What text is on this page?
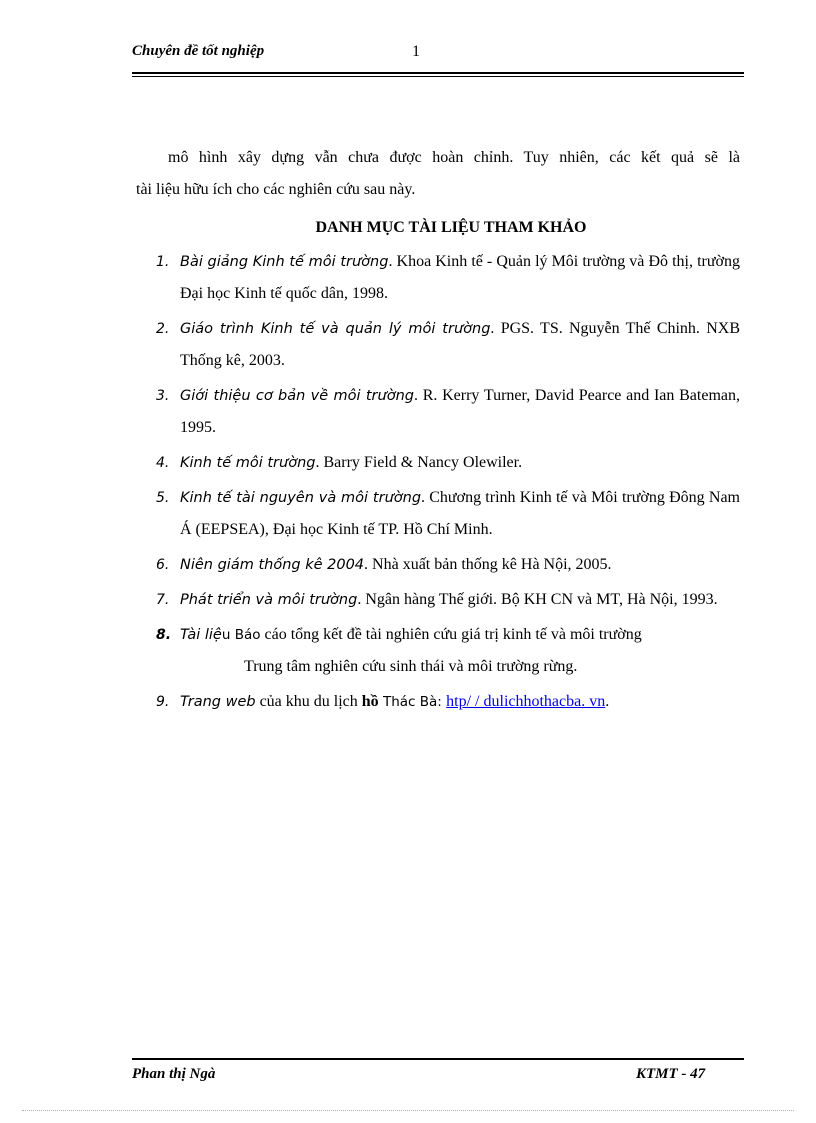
Chuyên đề tốt nghiệp	1

mô hình xây dựng vẫn chưa được hoàn chỉnh. Tuy nhiên, các kết quả sẽ là
tài liệu hữu ích cho các nghiên cứu sau này.

DANH MỤC TÀI LIỆU THAM KHẢO
1. Bài giảng Kinh tế môi trường. Khoa Kinh tế - Quản lý Môi trường và Đô thị, trường Đại học Kinh tế quốc dân, 1998.
2. Giáo trình Kinh tế và quản lý môi trường. PGS. TS. Nguyễn Thế Chinh. NXB Thống kê, 2003.
3. Giới thiệu cơ bản về môi trường. R. Kerry Turner, David Pearce and Ian Bateman, 1995.
4. Kinh tế môi trường. Barry Field & Nancy Olewiler.
5. Kinh tế tài nguyên và môi trường. Chương trình Kinh tế và Môi trường Đông Nam Á (EEPSEA), Đại học Kinh tế TP. Hồ Chí Minh.
6. Niên giám thống kê 2004. Nhà xuất bản thống kê Hà Nội, 2005.
7. Phát triển và môi trường. Ngân hàng Thế giới. Bộ KH CN và MT, Hà Nội, 1993.
8. Tài liệu Báo cáo tổng kết đề tài nghiên cứu giá trị kinh tế và môi trường
Trung tâm nghiên cứu sinh thái và môi trường rừng.
9. Trang web của khu du lịch hồ Thác Bà: htp/ / dulichhothacba. vn.
Phan thị Ngà	KTMT - 47
